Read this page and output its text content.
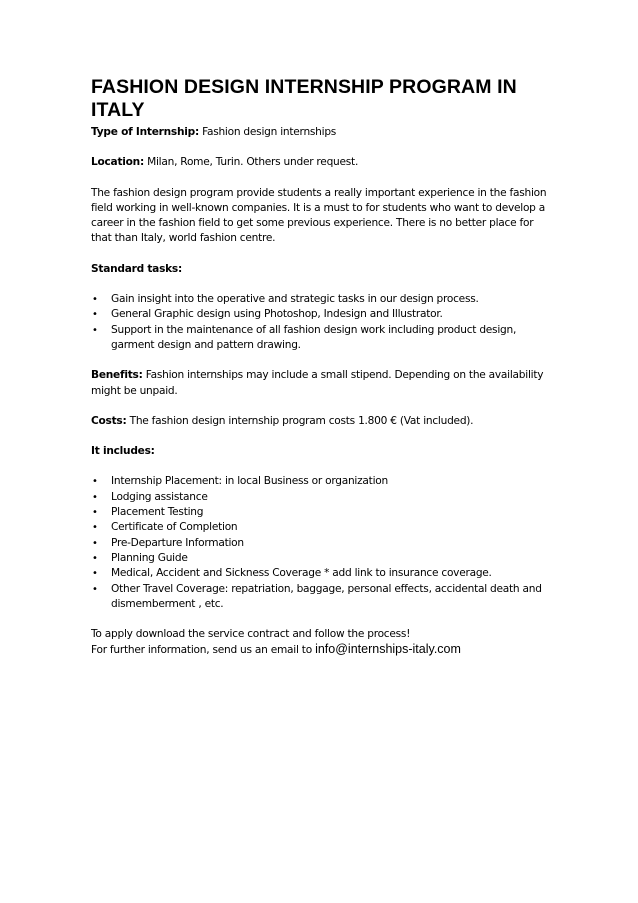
FASHION DESIGN INTERNSHIP PROGRAM IN ITALY

Type of Internship: Fashion design internships

Location: Milan, Rome, Turin. Others under request.

The fashion design program provide students a really important experience in the fashion field working in well-known companies. It is a must to for students who want to develop a career in the fashion field to get some previous experience. There is no better place for that than Italy, world fashion centre.

Standard tasks:

• Gain insight into the operative and strategic tasks in our design process.
• General Graphic design using Photoshop, Indesign and Illustrator.
• Support in the maintenance of all fashion design work including product design, garment design and pattern drawing.

Benefits: Fashion internships may include a small stipend. Depending on the availability might be unpaid.

Costs: The fashion design internship program costs 1.800 € (Vat included).

It includes:

• Internship Placement: in local Business or organization
• Lodging assistance
• Placement Testing
• Certificate of Completion
• Pre-Departure Information
• Planning Guide
• Medical, Accident and Sickness Coverage * add link to insurance coverage.
• Other Travel Coverage: repatriation, baggage, personal effects, accidental death and dismemberment , etc.

To apply download the service contract and follow the process!

For further information, send us an email to info@internships-italy.com
